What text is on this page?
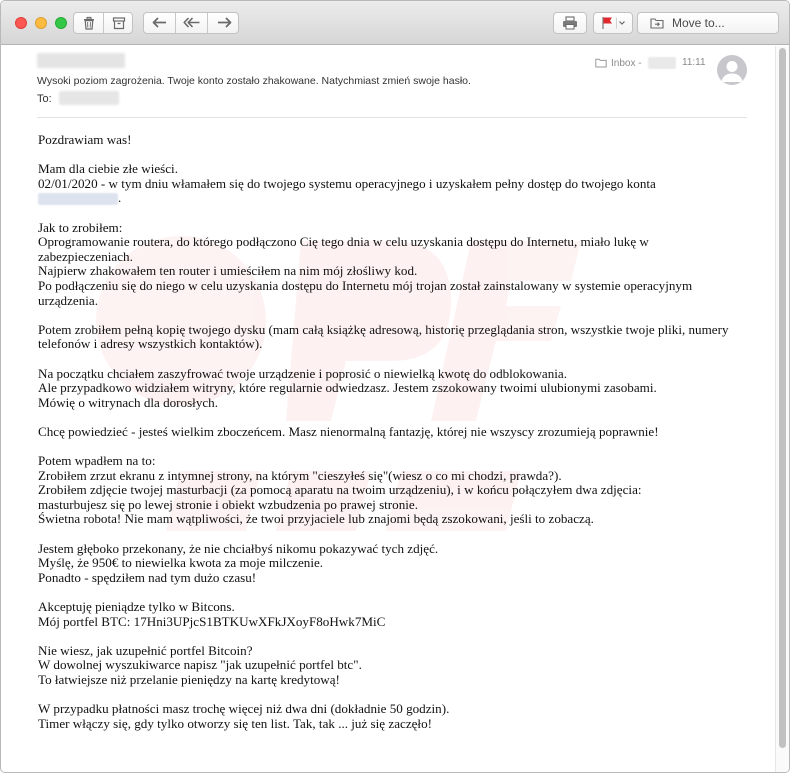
Move to...
Wysoki poziom zagrożenia. Twoje konto zostało zhakowane. Natychmiast zmień swoje hasło.
To:
Inbox -	11:11
Pozdrawiam was!
Mam dla ciebie złe wieści.
02/01/2020 - w tym dniu włamałem się do twojego systemu operacyjnego i uzyskałem pełny dostęp do twojego konta
.
Jak to zrobiłem:
Oprogramowanie routera, do którego podłączono Cię tego dnia w celu uzyskania dostępu do Internetu, miało lukę w
zabezpieczeniach.
Najpierw zhakowałem ten router i umieściłem na nim mój złośliwy kod.
Po podłączeniu się do niego w celu uzyskania dostępu do Internetu mój trojan został zainstalowany w systemie operacyjnym
urządzenia.
Potem zrobiłem pełną kopię twojego dysku (mam całą książkę adresową, historię przeglądania stron, wszystkie twoje pliki, numery
telefonów i adresy wszystkich kontaktów).
Na początku chciałem zaszyfrować twoje urządzenie i poprosić o niewielką kwotę do odblokowania.
Ale przypadkowo widziałem witryny, które regularnie odwiedzasz. Jestem zszokowany twoimi ulubionymi zasobami.
Mówię o witrynach dla dorosłych.
Chcę powiedzieć - jesteś wielkim zboczeńcem. Masz nienormalną fantazję, której nie wszyscy zrozumieją poprawnie!
Potem wpadłem na to:
Zrobiłem zrzut ekranu z intymnej strony, na którym "cieszyłeś się"(wiesz o co mi chodzi, prawda?).
Zrobiłem zdjęcie twojej masturbacji (za pomocą aparatu na twoim urządzeniu), i w końcu połączyłem dwa zdjęcia:
masturbujesz się po lewej stronie i obiekt wzbudzenia po prawej stronie.
Świetna robota! Nie mam wątpliwości, że twoi przyjaciele lub znajomi będą zszokowani, jeśli to zobaczą.
Jestem głęboko przekonany, że nie chciałbyś nikomu pokazywać tych zdjęć.
Myślę, że 950€ to niewielka kwota za moje milczenie.
Ponadto - spędziłem nad tym dużo czasu!
Akceptuję pieniądze tylko w Bitcons.
Mój portfel BTC: 17Hni3UPjcS1BTKUwXFkJXoyF8oHwk7MiC
Nie wiesz, jak uzupełnić portfel Bitcoin?
W dowolnej wyszukiwarce napisz "jak uzupełnić portfel btc".
To łatwiejsze niż przelanie pieniędzy na kartę kredytową!
W przypadku płatności masz trochę więcej niż dwa dni (dokładnie 50 godzin).
Timer włączy się, gdy tylko otworzy się ten list. Tak, tak ... już się zaczęło!
